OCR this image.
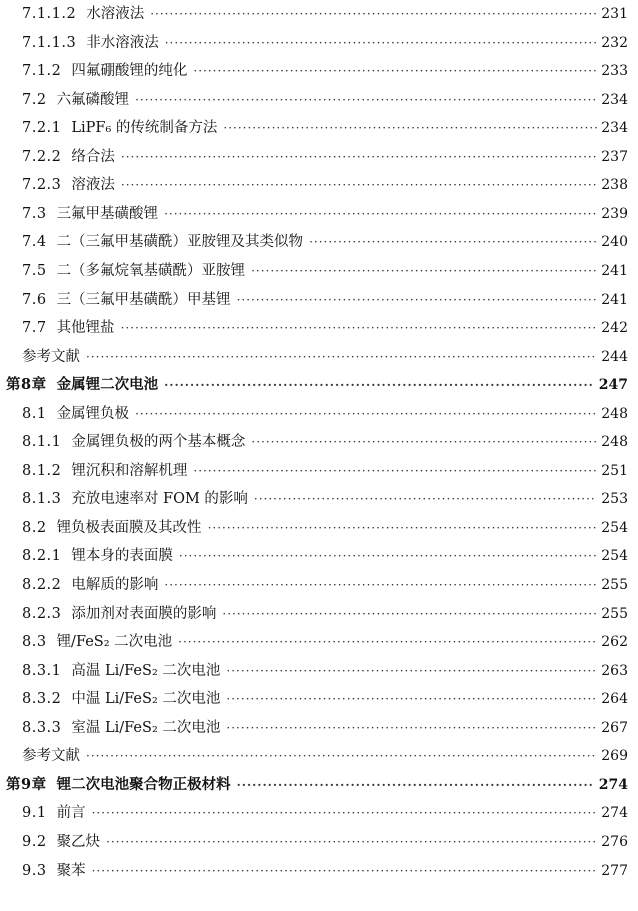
7.1.1.2 水溶液法 ·····	231
7.1.1.3 非水溶液法 ·····	232
7.1.2 四氟硼酸锂的纯化 ·····	233
7.2 六氟磷酸锂 ·····	234
7.2.1 LiPF₆ 的传统制备方法 ·····	234
7.2.2 络合法 ·····	237
7.2.3 溶液法 ·····	238
7.3 三氟甲基磺酸锂 ·····	239
7.4 二（三氟甲基磺酰）亚胺锂及其类似物 ·····	240
7.5 二（多氟烷氧基磺酰）亚胺锂 ·····	241
7.6 三（三氟甲基磺酰）甲基锂 ·····	241
7.7 其他锂盐 ·····	242
参考文献 ·····	244
第8章 金属锂二次电池 ·····	247
8.1 金属锂负极 ·····	248
8.1.1 金属锂负极的两个基本概念 ·····	248
8.1.2 锂沉积和溶解机理 ·····	251
8.1.3 充放电速率对 FOM 的影响 ·····	253
8.2 锂负极表面膜及其改性 ·····	254
8.2.1 锂本身的表面膜 ·····	254
8.2.2 电解质的影响 ·····	255
8.2.3 添加剂对表面膜的影响 ·····	255
8.3 锂/FeS₂ 二次电池 ·····	262
8.3.1 高温 Li/FeS₂ 二次电池 ·····	263
8.3.2 中温 Li/FeS₂ 二次电池 ·····	264
8.3.3 室温 Li/FeS₂ 二次电池 ·····	267
参考文献 ·····	269
第9章 锂二次电池聚合物正极材料 ·····	274
9.1 前言 ·····	274
9.2 聚乙炔 ·····	276
9.3 聚苯 ·····	277
